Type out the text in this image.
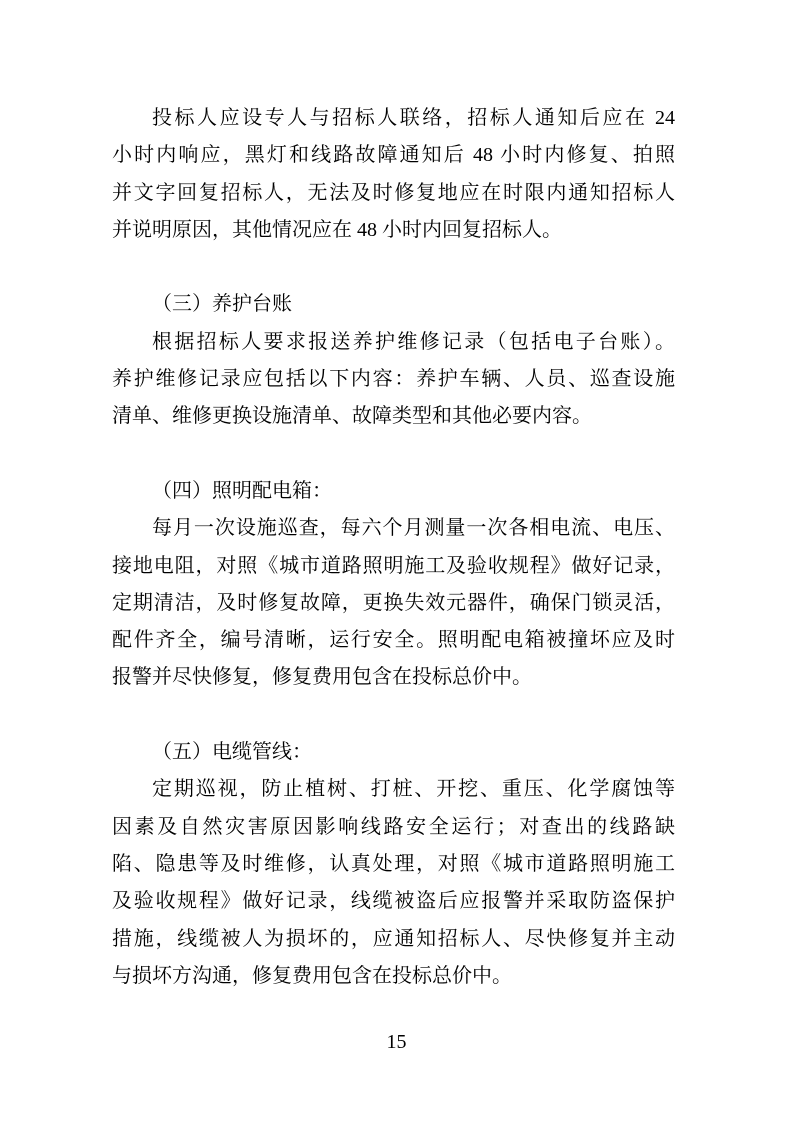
投标人应设专人与招标人联络，招标人通知后应在 24
小时内响应，黑灯和线路故障通知后 48 小时内修复、拍照
并文字回复招标人，无法及时修复地应在时限内通知招标人
并说明原因，其他情况应在 48 小时内回复招标人。
（三）养护台账
根据招标人要求报送养护维修记录（包括电子台账）。
养护维修记录应包括以下内容：养护车辆、人员、巡查设施
清单、维修更换设施清单、故障类型和其他必要内容。
（四）照明配电箱：
每月一次设施巡查，每六个月测量一次各相电流、电压、
接地电阻，对照《城市道路照明施工及验收规程》做好记录，
定期清洁，及时修复故障，更换失效元器件，确保门锁灵活，
配件齐全，编号清晰，运行安全。照明配电箱被撞坏应及时
报警并尽快修复，修复费用包含在投标总价中。
（五）电缆管线：
定期巡视，防止植树、打桩、开挖、重压、化学腐蚀等
因素及自然灾害原因影响线路安全运行；对查出的线路缺
陷、隐患等及时维修，认真处理，对照《城市道路照明施工
及验收规程》做好记录，线缆被盗后应报警并采取防盗保护
措施，线缆被人为损坏的，应通知招标人、尽快修复并主动
与损坏方沟通，修复费用包含在投标总价中。
15
